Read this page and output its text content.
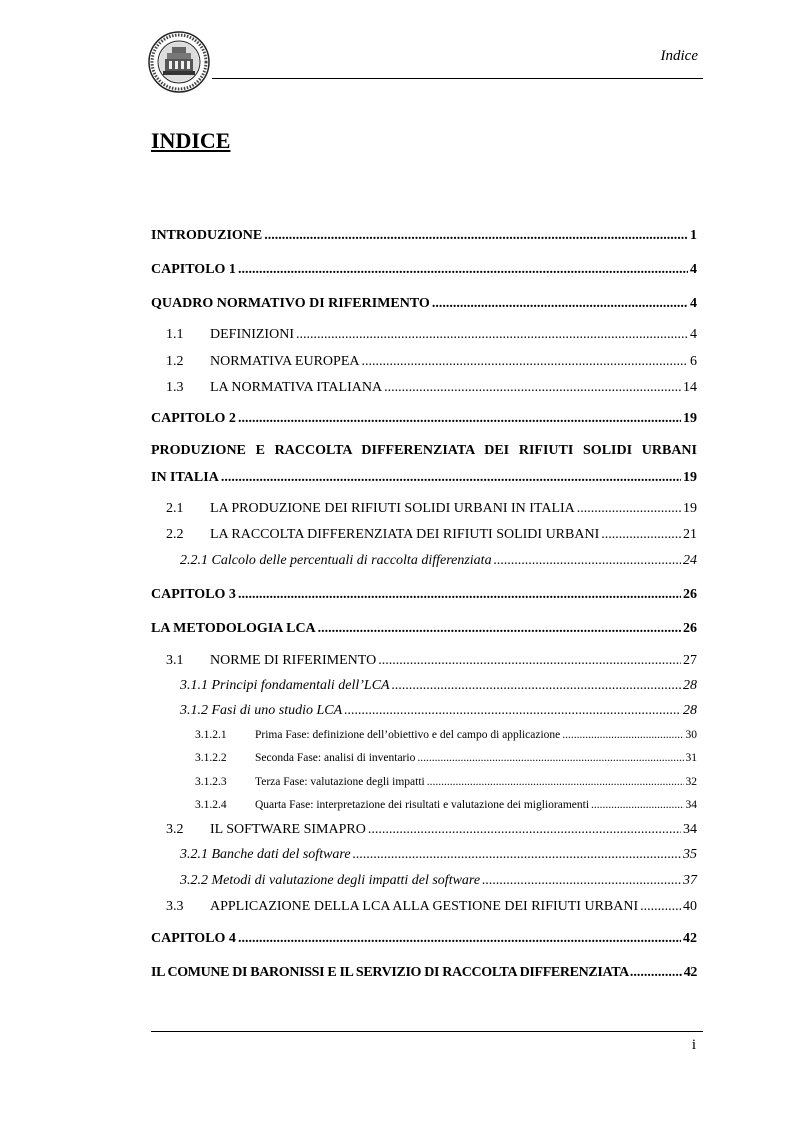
Indice
INDICE
INTRODUZIONE .....	1
CAPITOLO 1 .....	4
QUADRO NORMATIVO DI RIFERIMENTO .....	4
1.1	DEFINIZIONI .....	4
1.2	NORMATIVA EUROPEA .....	6
1.3	LA NORMATIVA ITALIANA .....	14
CAPITOLO 2 .....	19
PRODUZIONE E RACCOLTA DIFFERENZIATA DEI RIFIUTI SOLIDI URBANI
IN ITALIA .....	19
2.1	LA PRODUZIONE DEI RIFIUTI SOLIDI URBANI IN ITALIA .....	19
2.2	LA RACCOLTA DIFFERENZIATA DEI RIFIUTI SOLIDI URBANI .....	21
2.2.1 Calcolo delle percentuali di raccolta differenziata .....	24
CAPITOLO 3 .....	26
LA METODOLOGIA LCA .....	26
3.1	NORME DI RIFERIMENTO .....	27
3.1.1 Principi fondamentali dell’LCA .....	28
3.1.2 Fasi di uno studio LCA .....	28
3.1.2.1	Prima Fase: definizione dell’obiettivo e del campo di applicazione .....	30
3.1.2.2	Seconda Fase: analisi di inventario .....	31
3.1.2.3	Terza Fase: valutazione degli impatti .....	32
3.1.2.4	Quarta Fase: interpretazione dei risultati e valutazione dei miglioramenti .....	34
3.2	IL SOFTWARE SIMAPRO .....	34
3.2.1 Banche dati del software .....	35
3.2.2 Metodi di valutazione degli impatti del software .....	37
3.3	APPLICAZIONE DELLA LCA ALLA GESTIONE DEI RIFIUTI URBANI .....	40
CAPITOLO 4 .....	42
IL COMUNE DI BARONISSI E IL SERVIZIO DI RACCOLTA DIFFERENZIATA .....	42
i
